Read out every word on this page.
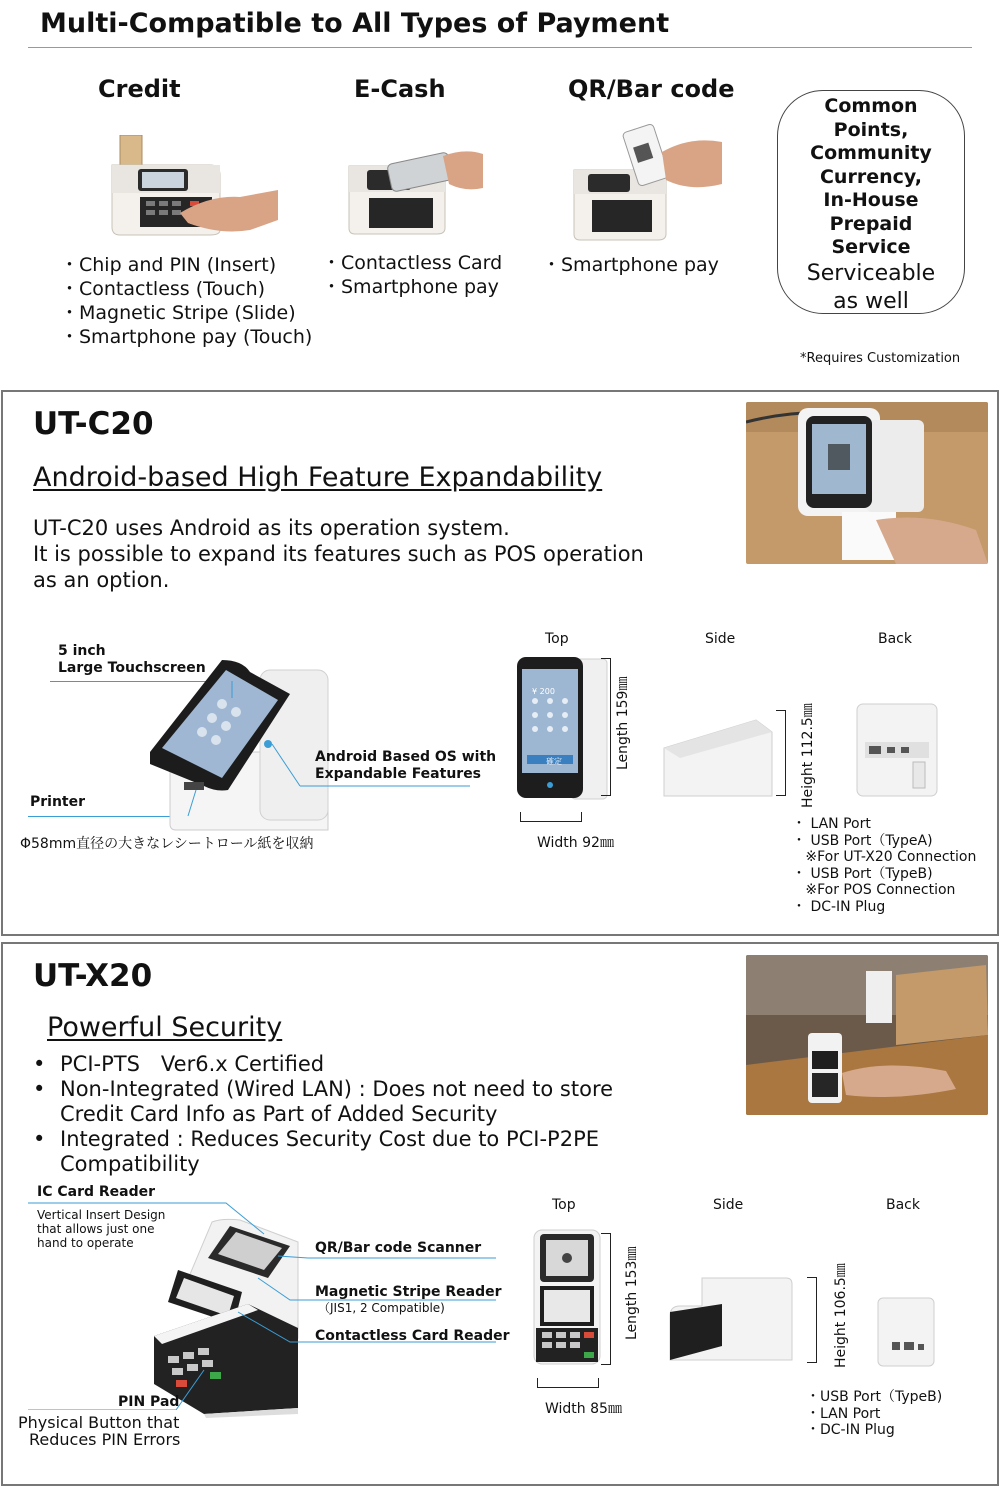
Multi-Compatible to All Types of Payment
Credit
・Chip and PIN (Insert)
・Contactless (Touch)
・Magnetic Stripe (Slide)
・Smartphone pay (Touch)
E-Cash
・Contactless Card
・Smartphone pay
QR/Bar code
・Smartphone pay
Common
Points,
Community
Currency,
In-House
Prepaid
Service
Serviceable
as well
*Requires Customization
UT-C20
Android-based High Feature Expandability
UT-C20 uses Android as its operation system.
It is possible to expand its features such as POS operation
as an option.
5 inch
Large Touchscreen
Printer
Android Based OS with
Expandable Features
Φ58mm直径の大きなレシートロール紙を収納
Top	Side	Back
¥ 200
確定	Length 159㎜
Width 92㎜
Height 112.5㎜
・ LAN Port
・ USB Port（TypeA)
※For UT-X20 Connection
・ USB Port（TypeB)
※For POS Connection
・ DC-IN Plug
UT-X20
Powerful Security
• PCI-PTS　Ver6.x Certified
• Non-Integrated (Wired LAN) : Does not need to store
Credit Card Info as Part of Added Security
• Integrated : Reduces Security Cost due to PCI-P2PE
Compatibility
IC Card Reader
Vertical Insert Design
that allows just one
hand to operate	QR/Bar code Scanner
Magnetic Stripe Reader
（JIS1, 2 Compatible)
Contactless Card Reader
PIN Pad
Physical Button that
Reduces PIN Errors
Top	Side	Back
Length 153㎜
Width 85㎜
Height 106.5㎜
・USB Port（TypeB)
・LAN Port
・DC-IN Plug
